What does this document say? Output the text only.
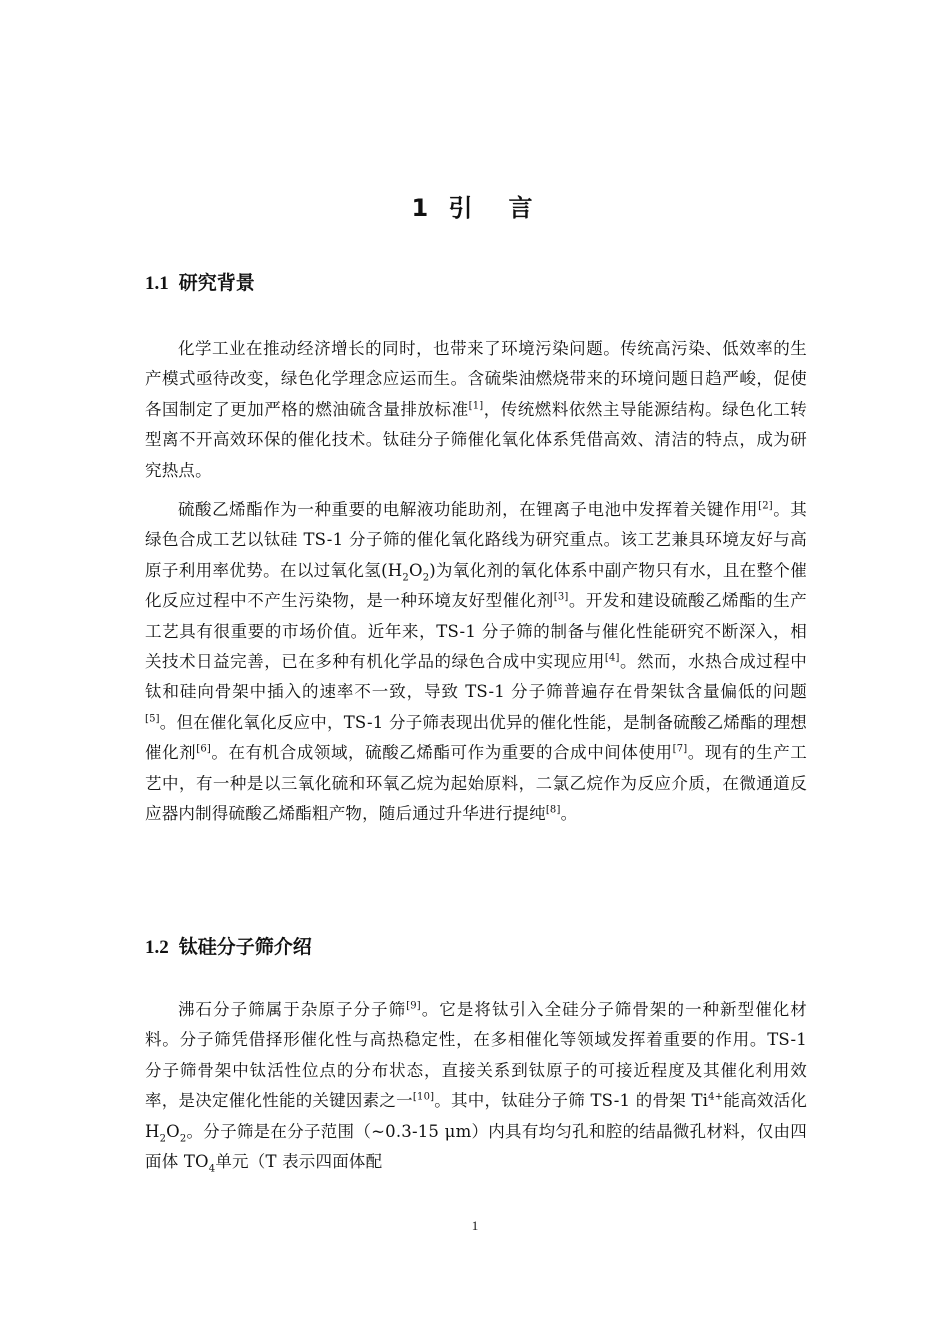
1 引　言
1.1 研究背景

化学工业在推动经济增长的同时，也带来了环境污染问题。传统高污染、低效率的生产模式亟待改变，绿色化学理念应运而生。含硫柴油燃烧带来的环境问题日趋严峻，促使各国制定了更加严格的燃油硫含量排放标准[1]，传统燃料依然主导能源结构。绿色化工转型离不开高效环保的催化技术。钛硅分子筛催化氧化体系凭借高效、清洁的特点，成为研究热点。

硫酸乙烯酯作为一种重要的电解液功能助剂，在锂离子电池中发挥着关键作用[2]。其绿色合成工艺以钛硅 TS-1 分子筛的催化氧化路线为研究重点。该工艺兼具环境友好与高原子利用率优势。在以过氧化氢$(H_2O_2)$为氧化剂的氧化体系中副产物只有水，且在整个催化反应过程中不产生污染物，是一种环境友好型催化剂[3]。开发和建设硫酸乙烯酯的生产工艺具有很重要的市场价值。近年来，TS-1 分子筛的制备与催化性能研究不断深入，相关技术日益完善，已在多种有机化学品的绿色合成中实现应用[4]。然而，水热合成过程中钛和硅向骨架中插入的速率不一致，导致 TS-1 分子筛普遍存在骨架钛含量偏低的问题[5]。但在催化氧化反应中，TS-1 分子筛表现出优异的催化性能，是制备硫酸乙烯酯的理想催化剂[6]。在有机合成领域，硫酸乙烯酯可作为重要的合成中间体使用[7]。现有的生产工艺中，有一种是以三氧化硫和环氧乙烷为起始原料，二氯乙烷作为反应介质，在微通道反应器内制得硫酸乙烯酯粗产物，随后通过升华进行提纯[8]。

1.2 钛硅分子筛介绍

沸石分子筛属于杂原子分子筛[9]。它是将钛引入全硅分子筛骨架的一种新型催化材料。分子筛凭借择形催化性与高热稳定性，在多相催化等领域发挥着重要的作用。TS-1 分子筛骨架中钛活性位点的分布状态，直接关系到钛原子的可接近程度及其催化利用效率，是决定催化性能的关键因素之一[10]。其中，钛硅分子筛 TS-1 的骨架 $Ti^{4+}$能高效活化 $H_2O_2$。分子筛是在分子范围（~0.3-15 μm）内具有均匀孔和腔的结晶微孔材料，仅由四面体 $TO_4$单元（T 表示四面体配

1
